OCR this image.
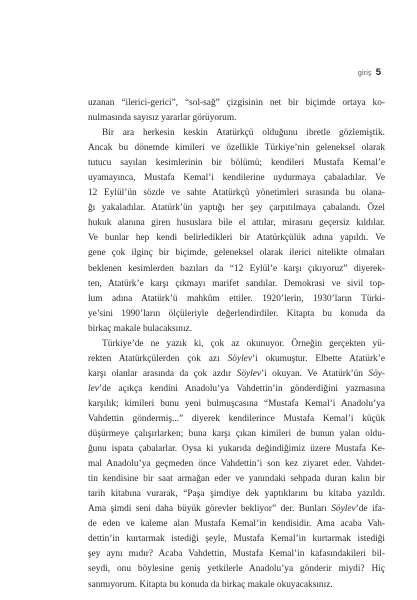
giriş 5

uzanan “ilerici-gerici”, “sol-sağ” çizgisinin net bir biçimde ortaya ko-
nulmasında sayısız yararlar görüyorum.

Bir ara herkesin keskin Atatürkçü olduğunu ibretle gözlemiştik.
Ancak bu dönemde kimileri ve özellikle Türkiye’nin geleneksel olarak
tutucu sayılan kesimlerinin bir bölümü; kendileri Mustafa Kemal’e
uyamayınca, Mustafa Kemal’i kendilerine uydurmaya çabaladılar. Ve
12 Eylül’ün sözde ve sahte Atatürkçü yönetimleri sırasında bu olana-
ğı yakaladılar. Atatürk’ün yaptığı her şey çarpıtılmaya çabalandı. Özel
hukuk alanına giren hususlara bile el attılar, mirasını geçersiz kıldılar.
Ve bunlar hep kendi belirledikleri bir Atatürkçülük adına yapıldı. Ve
gene çok ilginç bir biçimde, geleneksel olarak ilerici nitelikte olmaları
beklenen kesimlerden bazıları da “12 Eylül’e karşı çıkıyoruz” diyerek-
ten, Atatürk’e karşı çıkmayı marifet sandılar. Demokrasi ve sivil top-
lum adına Atatürk’ü mahkûm ettiler. 1920’lerin, 1930’ların Türki-
ye’sini 1990’ların ölçüleriyle değerlendirdiler. Kitapta bu konuda da
birkaç makale bulacaksınız.

Türkiye’de ne yazık ki, çok az okunuyor. Örneğin gerçekten yü-
rekten Atatürkçülerden çok azı Söylev’i okumuştur. Elbette Atatürk’e
karşı olanlar arasında da çok azdır Söylev’i okuyan. Ve Atatürk’ün Söy-
lev’de açıkça kendini Anadolu’ya Vahdettin’in gönderdiğini yazmasına
karşılık; kimileri bunu yeni bulmuşcasına “Mustafa Kemal’i Anadolu’ya
Vahdettin göndermiş...” diyerek kendilerince Mustafa Kemal’i küçük
düşürmeye çalışırlarken; buna karşı çıkan kimileri de bunun yalan oldu-
ğunu ispata çabalarlar. Oysa ki yukarıda değindiğimiz üzere Mustafa Ke-
mal Anadolu’ya geçmeden önce Vahdettin’i son kez ziyaret eder. Vahdet-
tin kendisine bir saat armağan eder ve yanındaki sehpada duran kalın bir
tarih kitabına vurarak, “Paşa şimdiye dek yaptıklarını bu kitaba yazıldı.
Ama şimdi seni daha büyük görevler bekliyor” der. Bunları Söylev’de ifa-
de eden ve kaleme alan Mustafa Kemal’in kendisidir. Ama acaba Vah-
dettin’in kurtarmak istediği şeyle, Mustafa Kemal’in kurtarmak istediği
şey aynı mıdır? Acaba Vahdettin, Mustafa Kemal’in kafasındakileri bil-
seydi, onu böylesine geniş yetkilerle Anadolu’ya gönderir miydi? Hiç
sanmıyorum. Kitapta bu konuda da birkaç makale okuyacaksınız.
